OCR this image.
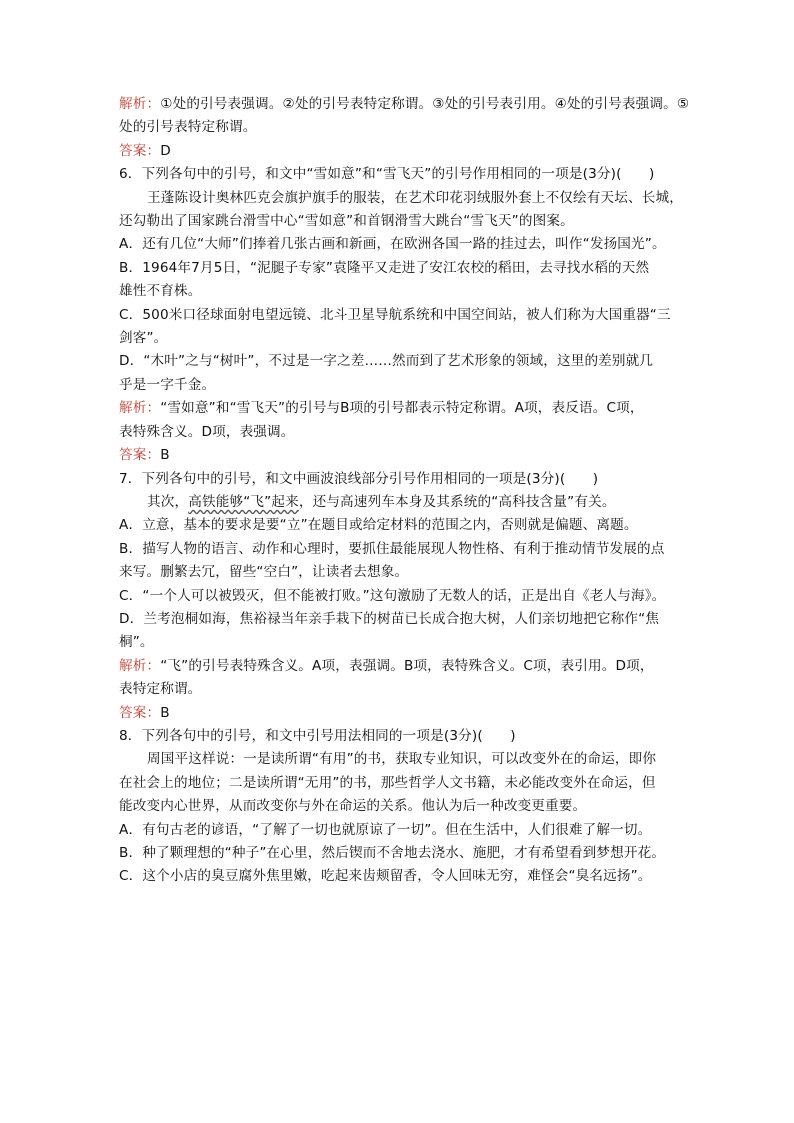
解析：①处的引号表强调。②处的引号表特定称谓。③处的引号表引用。④处的引号表强调。⑤
处的引号表特定称谓。
答案：D
6．下列各句中的引号，和文中“雪如意”和“雪飞天”的引号作用相同的一项是(3分)(　　)
王蓬陈设计奥林匹克会旗护旗手的服装，在艺术印花羽绒服外套上不仅绘有天坛、长城，
还勾勒出了国家跳台滑雪中心“雪如意”和首钢滑雪大跳台“雪飞天”的图案。
A．还有几位“大师”们捧着几张古画和新画，在欧洲各国一路的挂过去，叫作“发扬国光”。
B．1964年7月5日，“泥腿子专家”袁隆平又走进了安江农校的稻田，去寻找水稻的天然
雄性不育株。
C．500米口径球面射电望远镜、北斗卫星导航系统和中国空间站，被人们称为大国重器“三
剑客”。
D．“木叶”之与“树叶”，不过是一字之差……然而到了艺术形象的领域，这里的差别就几
乎是一字千金。
解析：“雪如意”和“雪飞天”的引号与B项的引号都表示特定称谓。A项，表反语。C项，
表特殊含义。D项，表强调。
答案：B
7．下列各句中的引号，和文中画波浪线部分引号作用相同的一项是(3分)(　　)
其次，高铁能够“飞”起来，还与高速列车本身及其系统的“高科技含量”有关。
A．立意，基本的要求是要“立”在题目或给定材料的范围之内，否则就是偏题、离题。
B．描写人物的语言、动作和心理时，要抓住最能展现人物性格、有利于推动情节发展的点
来写。删繁去冗，留些“空白”，让读者去想象。
C．“一个人可以被毁灭，但不能被打败。”这句激励了无数人的话，正是出自《老人与海》。
D．兰考泡桐如海，焦裕禄当年亲手栽下的树苗已长成合抱大树，人们亲切地把它称作“焦
桐”。
解析：“飞”的引号表特殊含义。A项，表强调。B项，表特殊含义。C项，表引用。D项，
表特定称谓。
答案：B
8．下列各句中的引号，和文中引号用法相同的一项是(3分)(　　)
周国平这样说：一是读所谓“有用”的书，获取专业知识，可以改变外在的命运，即你
在社会上的地位；二是读所谓“无用”的书，那些哲学人文书籍，未必能改变外在命运，但
能改变内心世界，从而改变你与外在命运的关系。他认为后一种改变更重要。
A．有句古老的谚语，“了解了一切也就原谅了一切”。但在生活中，人们很难了解一切。
B．种了颗理想的“种子”在心里，然后锲而不舍地去浇水、施肥，才有希望看到梦想开花。
C．这个小店的臭豆腐外焦里嫩，吃起来齿颊留香，令人回味无穷，难怪会“臭名远扬”。
